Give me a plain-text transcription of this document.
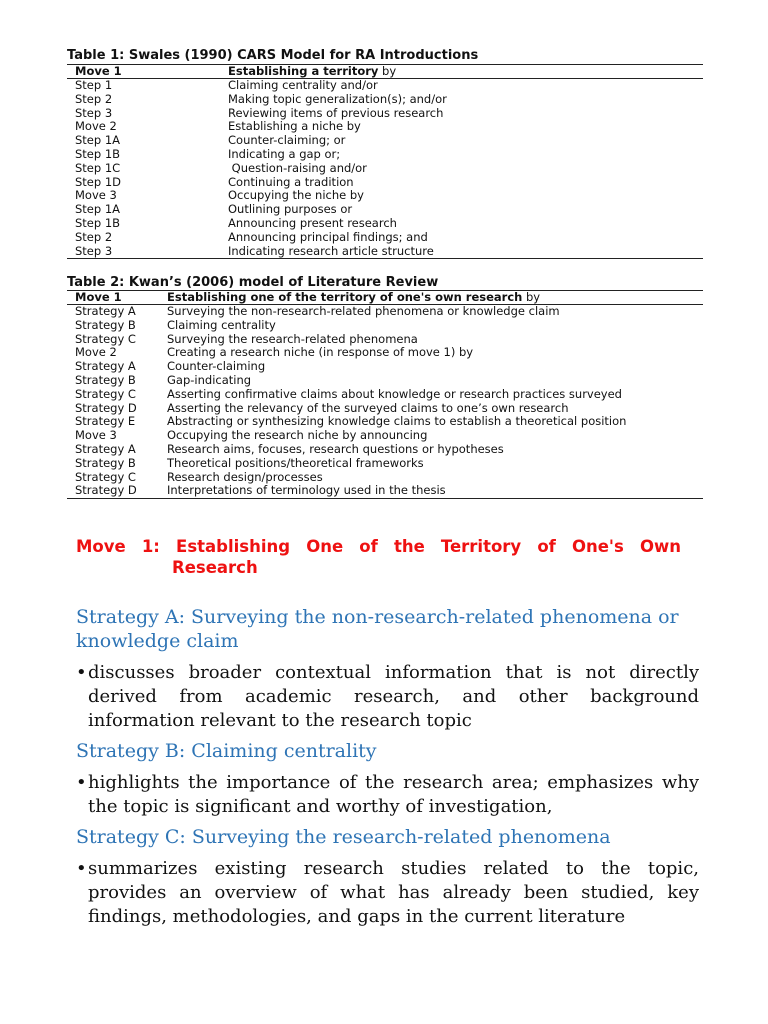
Table 1: Swales (1990) CARS Model for RA Introductions
Move 1	Establishing a territory by
Step 1	Claiming centrality and/or
Step 2	Making topic generalization(s); and/or
Step 3	Reviewing items of previous research
Move 2	Establishing a niche by
Step 1A	Counter-claiming; or
Step 1B	Indicating a gap or;
Step 1C	Question-raising and/or
Step 1D	Continuing a tradition
Move 3	Occupying the niche by
Step 1A	Outlining purposes or
Step 1B	Announcing present research
Step 2	Announcing principal findings; and
Step 3	Indicating research article structure
Table 2: Kwan’s (2006) model of Literature Review
Move 1	Establishing one of the territory of one's own research by
Strategy A	Surveying the non-research-related phenomena or knowledge claim
Strategy B	Claiming centrality
Strategy C	Surveying the research-related phenomena
Move 2	Creating a research niche (in response of move 1) by
Strategy A	Counter-claiming
Strategy B	Gap-indicating
Strategy C	Asserting confirmative claims about knowledge or research practices surveyed
Strategy D	Asserting the relevancy of the surveyed claims to one’s own research
Strategy E	Abstracting or synthesizing knowledge claims to establish a theoretical position
Move 3	Occupying the research niche by announcing
Strategy A	Research aims, focuses, research questions or hypotheses
Strategy B	Theoretical positions/theoretical frameworks
Strategy C	Research design/processes
Strategy D	Interpretations of terminology used in the thesis
Move 1: Establishing One of the Territory of One's Own
Research
Strategy A: Surveying the non-research-related phenomena or knowledge claim

• discusses broader contextual information that is not directly derived from academic research, and other background information relevant to the research topic

Strategy B: Claiming centrality

• highlights the importance of the research area; emphasizes why the topic is significant and worthy of investigation,

Strategy C: Surveying the research-related phenomena

• summarizes existing research studies related to the topic, provides an overview of what has already been studied, key findings, methodologies, and gaps in the current literature
